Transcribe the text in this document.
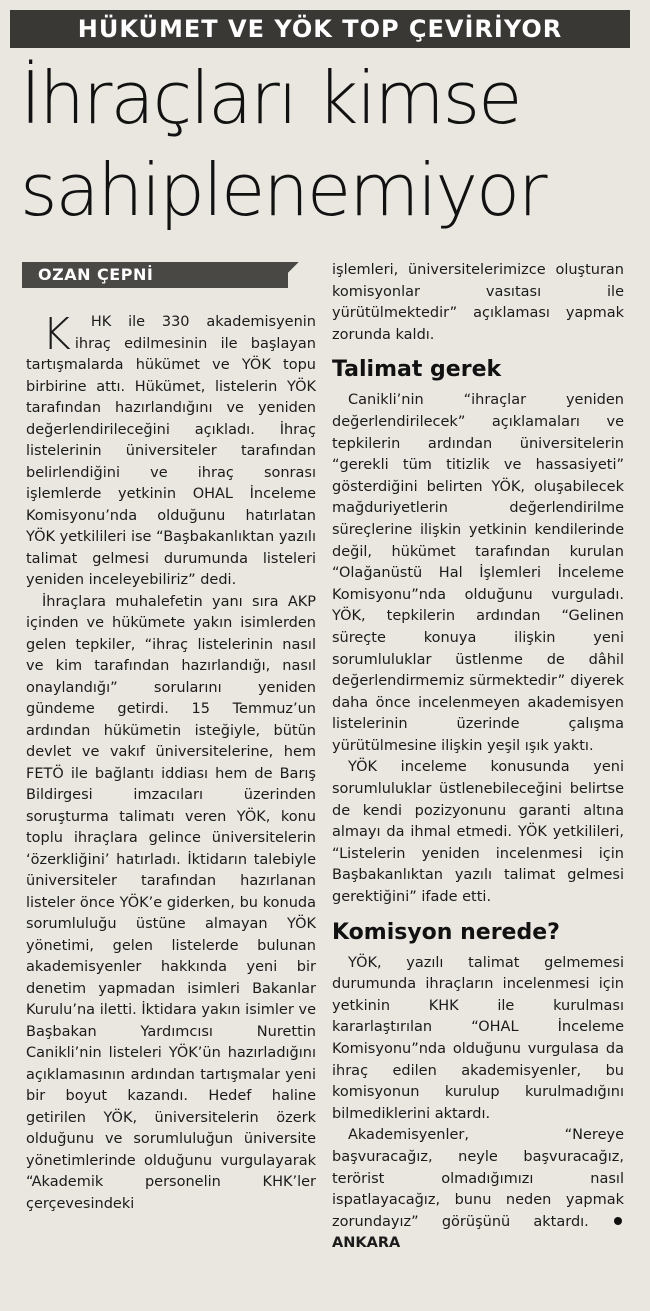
HÜKÜMET VE YÖK TOP ÇEVİRİYOR
İhraçları kimse
sahiplenemiyor
OZAN ÇEPNİ

KHK ile 330 akademisyenin ihraç edilmesinin ile başlayan tartışmalarda hükümet ve YÖK topu birbirine attı. Hükümet, listelerin YÖK tarafından hazırlandığını ve yeniden değerlendirileceğini açıkladı. İhraç listelerinin üniversiteler tarafından belirlendiğini ve ihraç sonrası işlemlerde yetkinin OHAL İnceleme Komisyonu’nda olduğunu hatırlatan YÖK yetkilileri ise “Başbakanlıktan yazılı talimat gelmesi durumunda listeleri yeniden inceleyebiliriz” dedi.

İhraçlara muhalefetin yanı sıra AKP içinden ve hükümete yakın isimlerden gelen tepkiler, “ihraç listelerinin nasıl ve kim tarafından hazırlandığı, nasıl onaylandığı” sorularını yeniden gündeme getirdi. 15 Temmuz’un ardından hükümetin isteğiyle, bütün devlet ve vakıf üniversitelerine, hem FETÖ ile bağlantı iddiası hem de Barış Bildirgesi imzacıları üzerinden soruşturma talimatı veren YÖK, konu toplu ihraçlara gelince üniversitelerin ‘özerkliğini’ hatırladı. İktidarın talebiyle üniversiteler tarafından hazırlanan listeler önce YÖK’e giderken, bu konuda sorumluluğu üstüne almayan YÖK yönetimi, gelen listelerde bulunan akademisyenler hakkında yeni bir denetim yapmadan isimleri Bakanlar Kurulu’na iletti. İktidara yakın isimler ve Başbakan Yardımcısı Nurettin Canikli’nin listeleri YÖK’ün hazırladığını açıklamasının ardından tartışmalar yeni bir boyut kazandı. Hedef haline getirilen YÖK, üniversitelerin özerk olduğunu ve sorumluluğun üniversite yönetimlerinde olduğunu vurgulayarak “Akademik personelin KHK’ler çerçevesindeki

işlemleri, üniversitelerimizce oluşturan komisyonlar vasıtası ile yürütülmektedir” açıklaması yapmak zorunda kaldı.

Talimat gerek

Canikli’nin “ihraçlar yeniden değerlendirilecek” açıklamaları ve tepkilerin ardından üniversitelerin “gerekli tüm titizlik ve hassasiyeti” gösterdiğini belirten YÖK, oluşabilecek mağduriyetlerin değerlendirilme süreçlerine ilişkin yetkinin kendilerinde değil, hükümet tarafından kurulan “Olağanüstü Hal İşlemleri İnceleme Komisyonu”nda olduğunu vurguladı. YÖK, tepkilerin ardından “Gelinen süreçte konuya ilişkin yeni sorumluluklar üstlenme de dâhil değerlendirmemiz sürmektedir” diyerek daha önce incelenmeyen akademisyen listelerinin üzerinde çalışma yürütülmesine ilişkin yeşil ışık yaktı.

YÖK inceleme konusunda yeni sorumluluklar üstlenebileceğini belirtse de kendi pozizyonunu garanti altına almayı da ihmal etmedi. YÖK yetkilileri, “Listelerin yeniden incelenmesi için Başbakanlıktan yazılı talimat gelmesi gerektiğini” ifade etti.

Komisyon nerede?

YÖK, yazılı talimat gelmemesi durumunda ihraçların incelenmesi için yetkinin KHK ile kurulması kararlaştırılan “OHAL İnceleme Komisyonu”nda olduğunu vurgulasa da ihraç edilen akademisyenler, bu komisyonun kurulup kurulmadığını bilmediklerini aktardı.

Akademisyenler, “Nereye başvuracağız, neyle başvuracağız, terörist olmadığımızı nasıl ispatlayacağız, bunu neden yapmak zorundayız” görüşünü aktardı.  ANKARA
